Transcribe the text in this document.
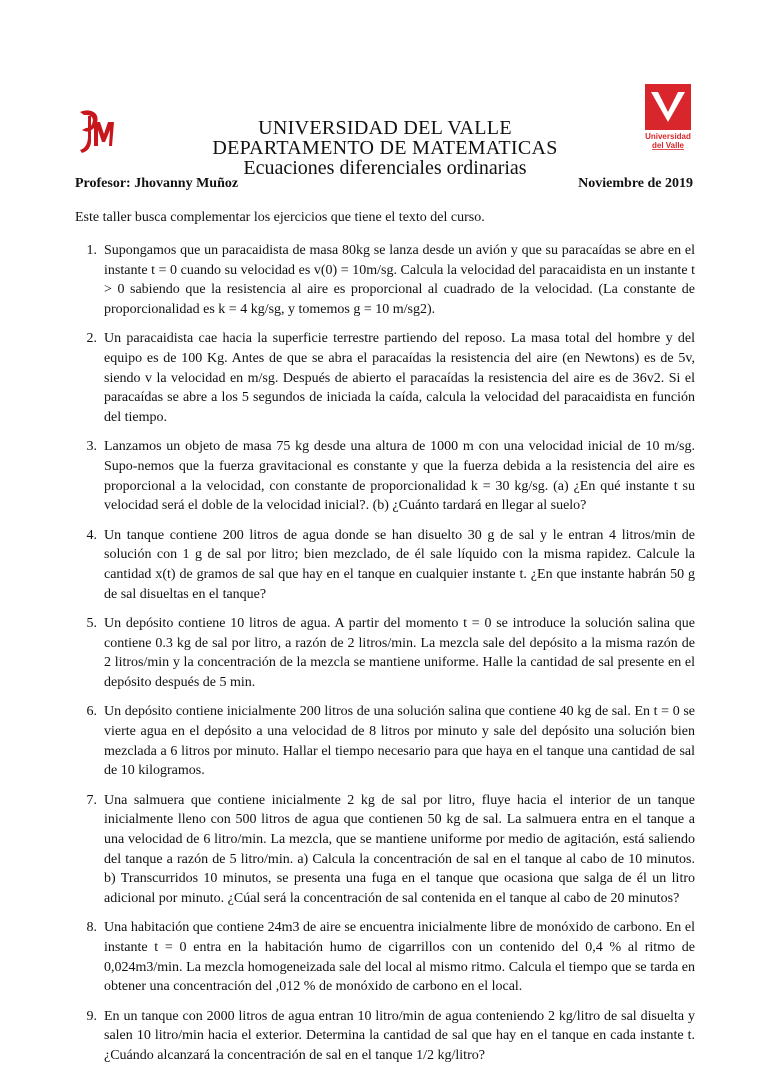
Universidad
del Valle
UNIVERSIDAD DEL VALLE
DEPARTAMENTO DE MATEMATICAS
Ecuaciones diferenciales ordinarias
Profesor: Jhovanny Muñoz	Noviembre de 2019
Este taller busca complementar los ejercicios que tiene el texto del curso.
1. Supongamos que un paracaidista de masa 80kg se lanza desde un avión y que su paracaídas se abre en el instante t = 0 cuando su velocidad es v(0) = 10m/sg. Calcula la velocidad del paracaidista en un instante t > 0 sabiendo que la resistencia al aire es proporcional al cuadrado de la velocidad. (La constante de proporcionalidad es k = 4 kg/sg, y tomemos g = 10 m/sg2).
2. Un paracaidista cae hacia la superficie terrestre partiendo del reposo. La masa total del hombre y del equipo es de 100 Kg. Antes de que se abra el paracaídas la resistencia del aire (en Newtons) es de 5v, siendo v la velocidad en m/sg. Después de abierto el paracaídas la resistencia del aire es de 36v2. Si el paracaídas se abre a los 5 segundos de iniciada la caída, calcula la velocidad del paracaidista en función del tiempo.
3. Lanzamos un objeto de masa 75 kg desde una altura de 1000 m con una velocidad inicial de 10 m/sg. Supo-nemos que la fuerza gravitacional es constante y que la fuerza debida a la resistencia del aire es proporcional a la velocidad, con constante de proporcionalidad k = 30 kg/sg. (a) ¿En qué instante t su velocidad será el doble de la velocidad inicial?. (b) ¿Cuánto tardará en llegar al suelo?
4. Un tanque contiene 200 litros de agua donde se han disuelto 30 g de sal y le entran 4 litros/min de solución con 1 g de sal por litro; bien mezclado, de él sale líquido con la misma rapidez. Calcule la cantidad x(t) de gramos de sal que hay en el tanque en cualquier instante t. ¿En que instante habrán 50 g de sal disueltas en el tanque?
5. Un depósito contiene 10 litros de agua. A partir del momento t = 0 se introduce la solución salina que contiene 0.3 kg de sal por litro, a razón de 2 litros/min. La mezcla sale del depósito a la misma razón de 2 litros/min y la concentración de la mezcla se mantiene uniforme. Halle la cantidad de sal presente en el depósito después de 5 min.
6. Un depósito contiene inicialmente 200 litros de una solución salina que contiene 40 kg de sal. En t = 0 se vierte agua en el depósito a una velocidad de 8 litros por minuto y sale del depósito una solución bien mezclada a 6 litros por minuto. Hallar el tiempo necesario para que haya en el tanque una cantidad de sal de 10 kilogramos.
7. Una salmuera que contiene inicialmente 2 kg de sal por litro, fluye hacia el interior de un tanque inicialmente lleno con 500 litros de agua que contienen 50 kg de sal. La salmuera entra en el tanque a una velocidad de 6 litro/min. La mezcla, que se mantiene uniforme por medio de agitación, está saliendo del tanque a razón de 5 litro/min. a) Calcula la concentración de sal en el tanque al cabo de 10 minutos. b) Transcurridos 10 minutos, se presenta una fuga en el tanque que ocasiona que salga de él un litro adicional por minuto. ¿Cúal será la concentración de sal contenida en el tanque al cabo de 20 minutos?
8. Una habitación que contiene 24m3 de aire se encuentra inicialmente libre de monóxido de carbono. En el instante t = 0 entra en la habitación humo de cigarrillos con un contenido del 0,4 % al ritmo de 0,024m3/min. La mezcla homogeneizada sale del local al mismo ritmo. Calcula el tiempo que se tarda en obtener una concentración del ,012 % de monóxido de carbono en el local.
9. En un tanque con 2000 litros de agua entran 10 litro/min de agua conteniendo 2 kg/litro de sal disuelta y salen 10 litro/min hacia el exterior. Determina la cantidad de sal que hay en el tanque en cada instante t. ¿Cuándo alcanzará la concentración de sal en el tanque 1/2 kg/litro?
